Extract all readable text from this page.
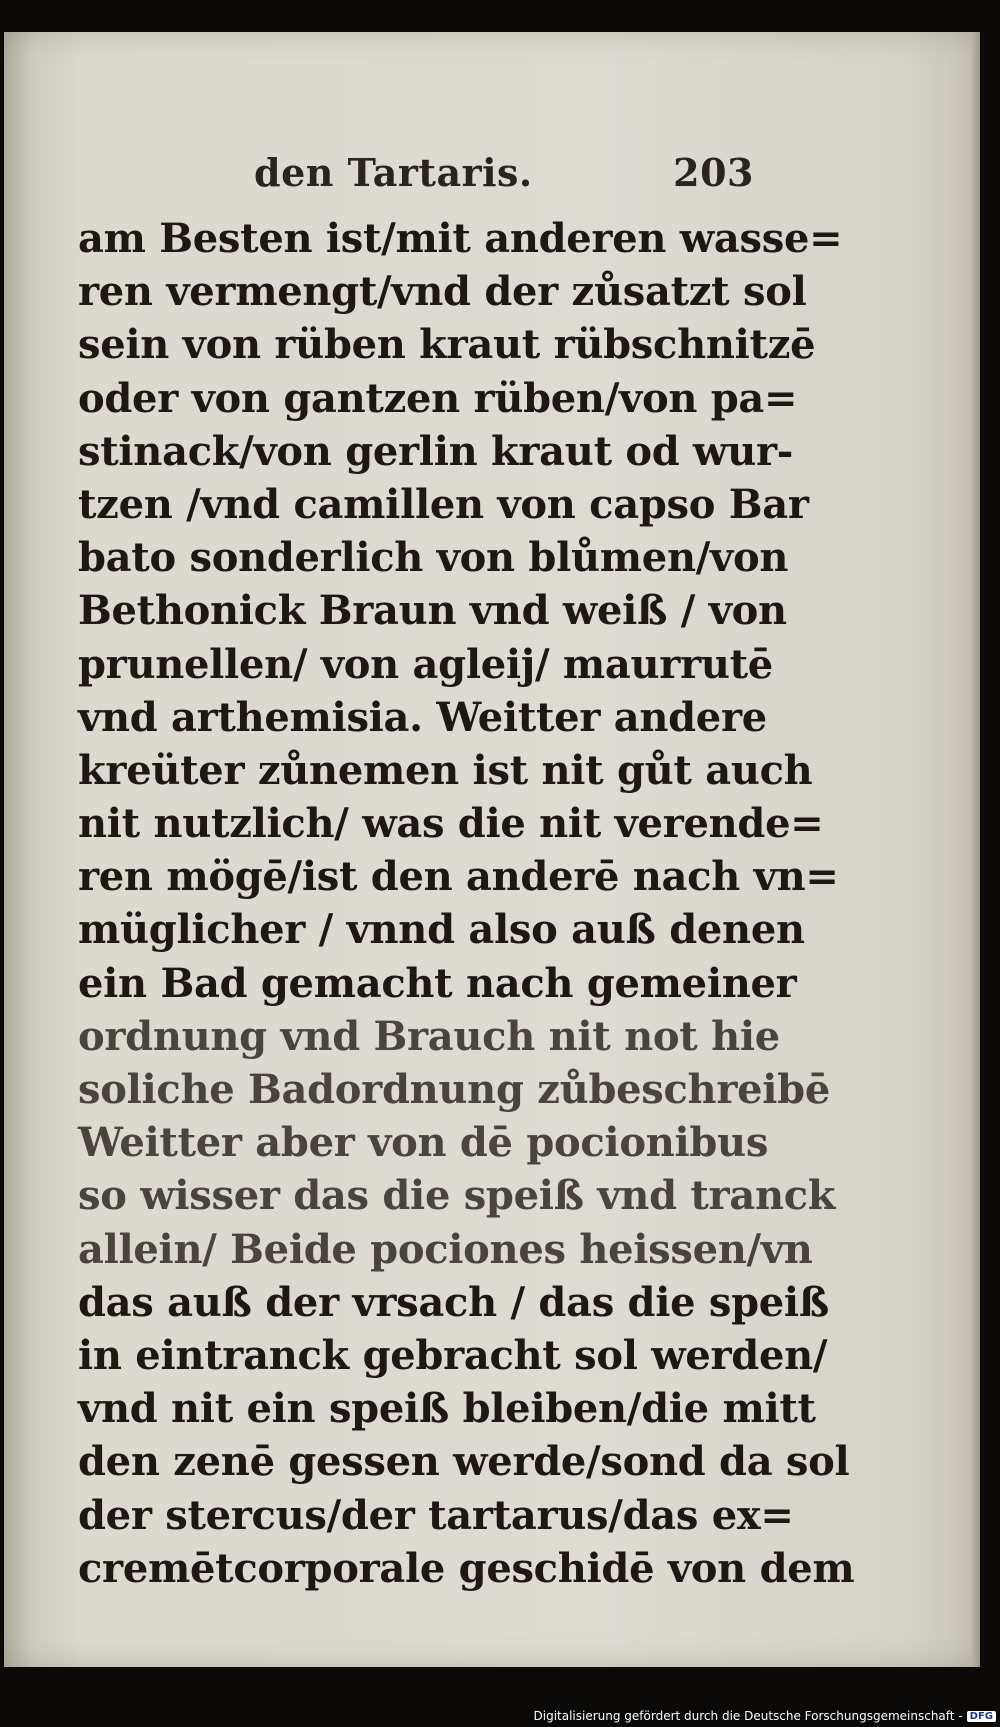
den Tartaris.	203
am Besten ist/mit anderen wasse=
ren vermengt/vnd der zůsatzt sol
sein von rüben kraut rübschnitzē
oder von gantzen rüben/von pa=
stinack/von gerlin kraut od wur-
tzen /vnd camillen von capso Bar
bato sonderlich von blůmen/von
Bethonick Braun vnd weiß / von
prunellen/ von agleij/ maurrutē
vnd arthemisia. Weitter andere
kreüter zůnemen ist nit gůt auch
nit nutzlich/ was die nit verende=
ren mögē/ist den anderē nach vn=
müglicher / vnnd also auß denen
ein Bad gemacht nach gemeiner
ordnung vnd Brauch nit not hie
soliche Badordnung zůbeschreibē
Weitter aber von dē pocionibus
so wisser das die speiß vnd tranck
allein/ Beide pociones heissen/vn
das auß der vrsach / das die speiß
in eintranck gebracht sol werden/
vnd nit ein speiß bleiben/die mitt
den zenē gessen werde/sond da sol
der stercus/der tartarus/das ex=
cremētcorporale geschidē von dem
Digitalisierung gefördert durch die Deutsche Forschungsgemeinschaft - DFG
